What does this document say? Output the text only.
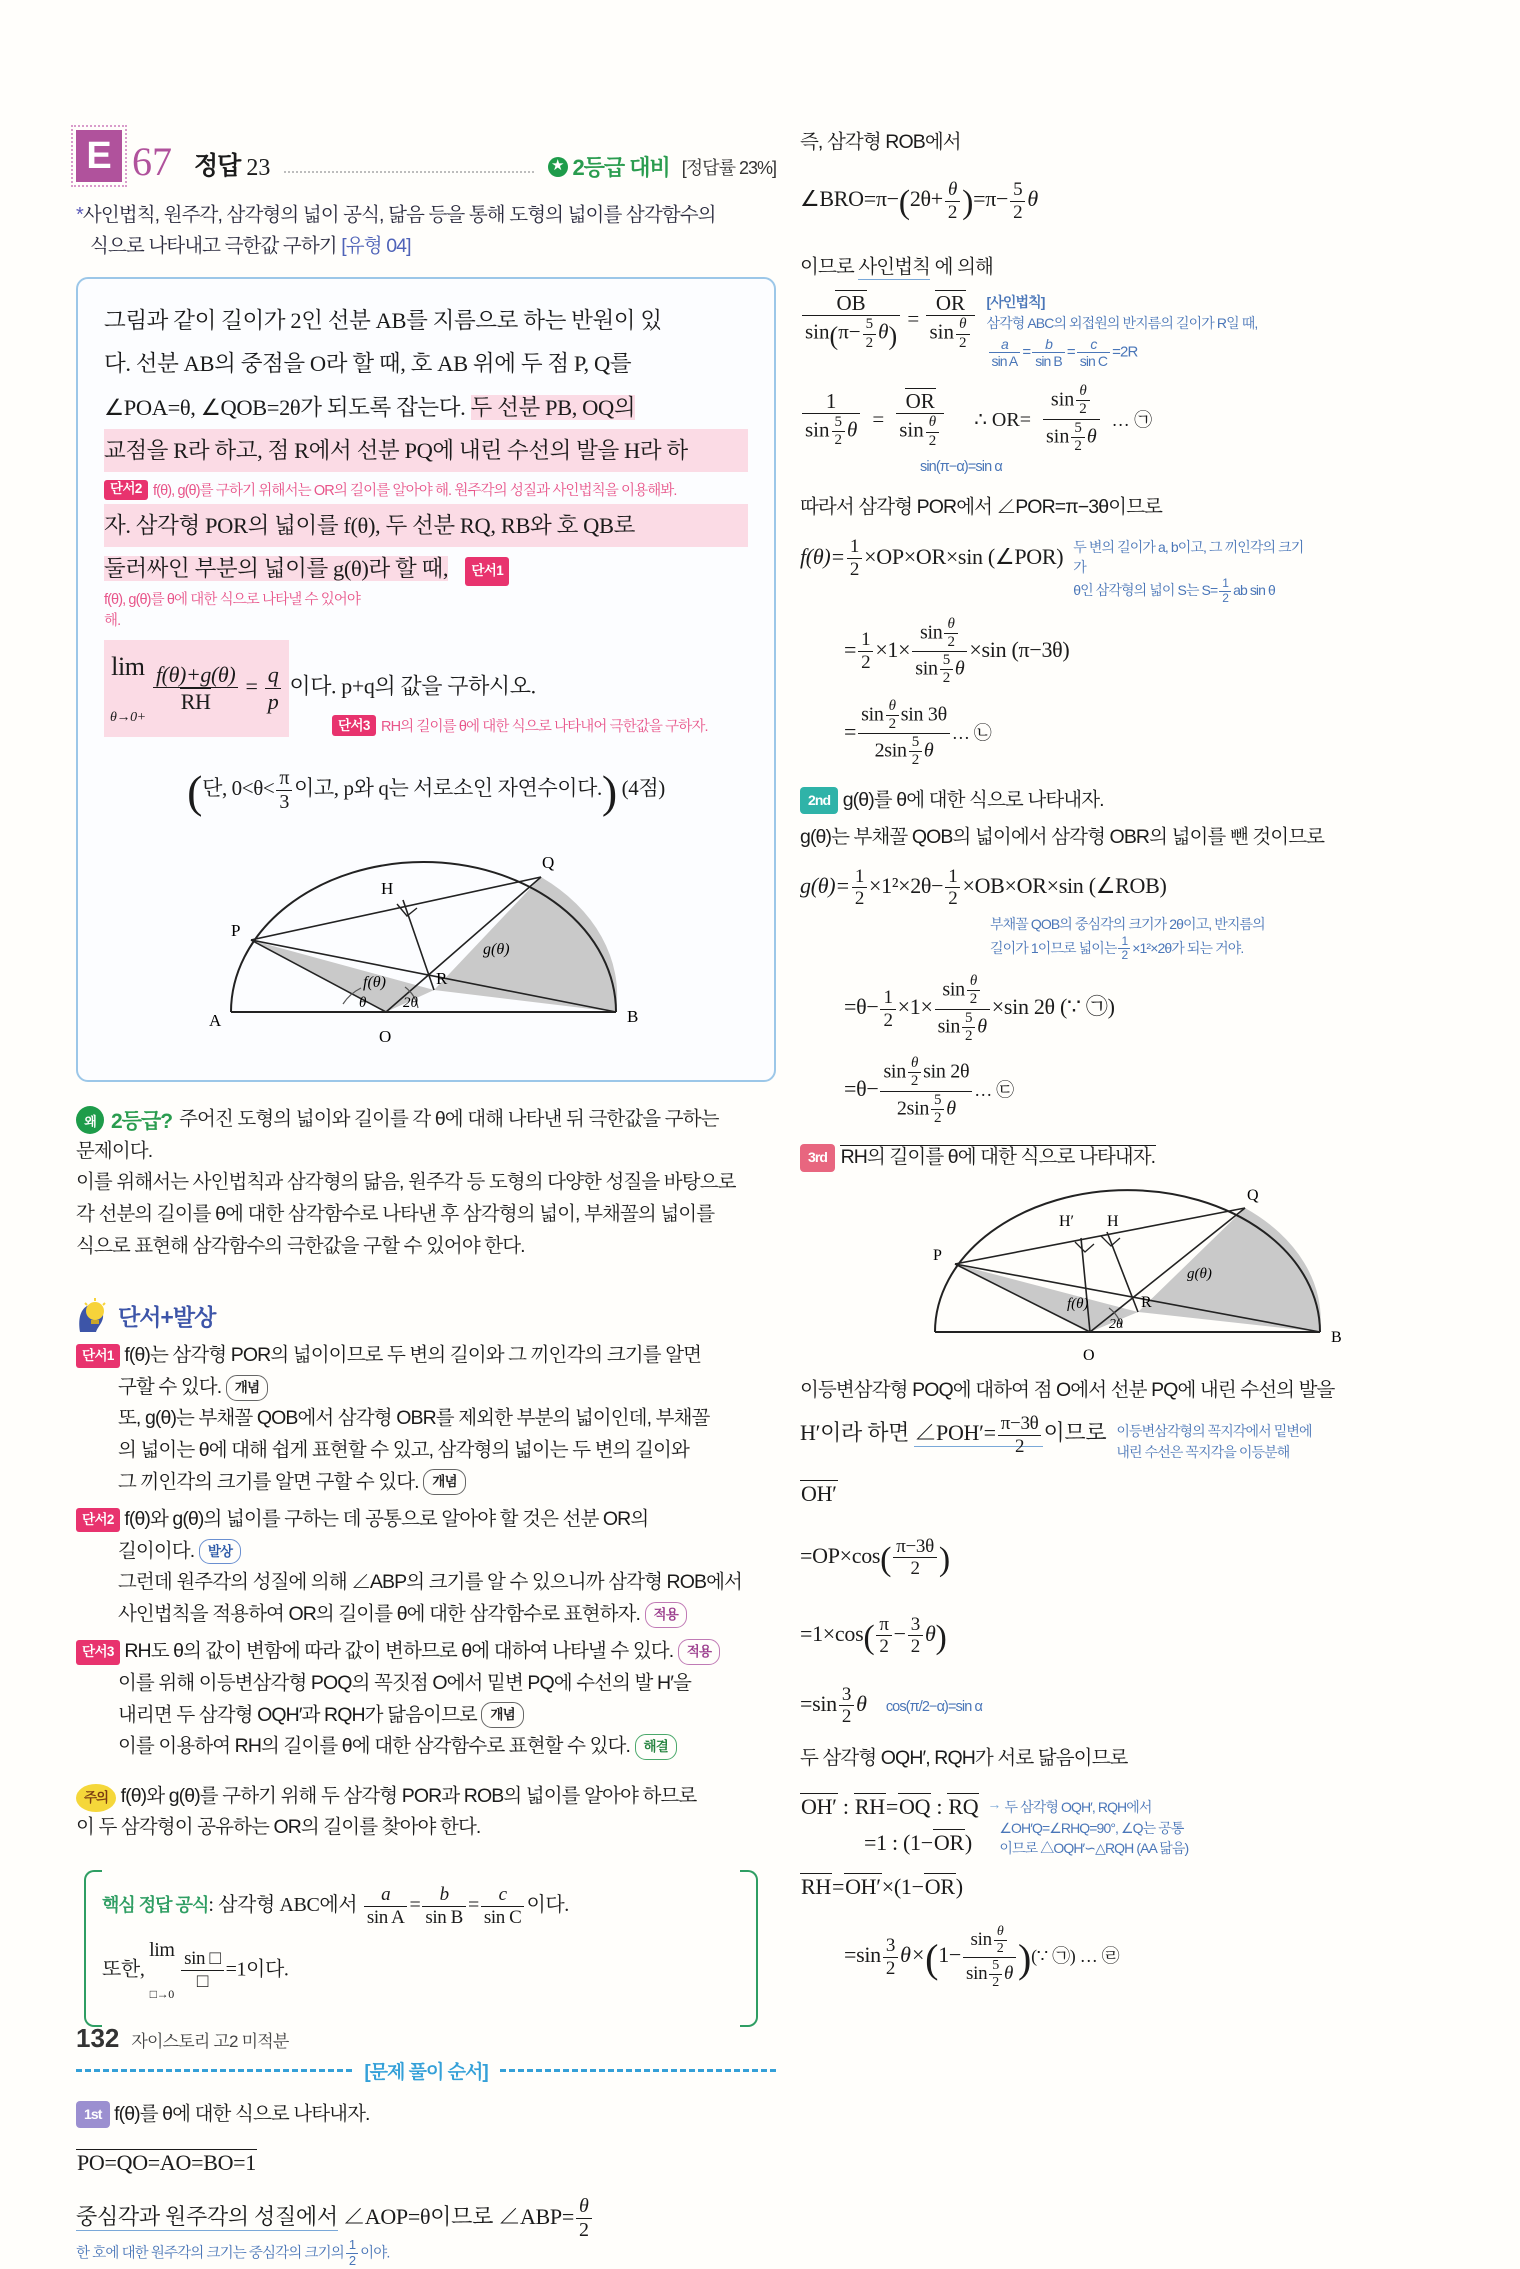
E 67 정답 23 ★	2등급 대비 [정답률 23%]
*사인법칙, 원주각, 삼각형의 넓이 공식, 닮음 등을 통해 도형의 넓이를 삼각함수의
식으로 나타내고 극한값 구하기 [유형 04]
그림과 같이 길이가 2인 선분 AB를 지름으로 하는 반원이 있
다. 선분 AB의 중점을 O라 할 때, 호 AB 위에 두 점 P, Q를
∠POA=θ, ∠QOB=2θ가 되도록 잡는다. 두 선분 PB, OQ의
교점을 R라 하고, 점 R에서 선분 PQ에 내린 수선의 발을 H라 하
단서2 f(θ), g(θ)를 구하기 위해서는 OR의 길이를 알아야 해. 원주각의 성질과 사인법칙을 이용해봐.
자. 삼각형 POR의 넓이를 f(θ), 두 선분 RQ, RB와 호 QB로
둘러싸인 부분의 넓이를 g(θ)라 할 때, 단서1 f(θ), g(θ)를 θ에 대한 식으로 나타낼 수 있어야 해.
lim
θ→0+
$\frac{f(\theta)+g(\theta)}{RH} = \frac{q}{p}$ 이다. p+q의 값을 구하시오.
단서3 RH의 길이를 θ에 대한 식으로 나타내어 극한값을 구하자.
(단, $0<\theta< \frac{\pi}{3}$ 이고, p와 q는 서로소인 자연수이다.) (4점)
A	B
O
P
Q
R
H
θ 2θ
f(θ)
g(θ)
왜 2등급? 주어진 도형의 넓이와 길이를 각 θ에 대해 나타낸 뒤 극한값을 구하는
문제이다.
이를 위해서는 사인법칙과 삼각형의 닮음, 원주각 등 도형의 다양한 성질을 바탕으로
각 선분의 길이를 θ에 대한 삼각함수로 나타낸 후 삼각형의 넓이, 부채꼴의 넓이를
식으로 표현해 삼각함수의 극한값을 구할 수 있어야 한다.
단서+발상
단서1 f(θ)는 삼각형 POR의 넓이이므로 두 변의 길이와 그 끼인각의 크기를 알면
구할 수 있다. 개념
또, g(θ)는 부채꼴 QOB에서 삼각형 OBR를 제외한 부분의 넓이인데, 부채꼴
의 넓이는 θ에 대해 쉽게 표현할 수 있고, 삼각형의 넓이는 두 변의 길이와
그 끼인각의 크기를 알면 구할 수 있다. 개념
단서2 f(θ)와 g(θ)의 넓이를 구하는 데 공통으로 알아야 할 것은 선분 OR의
길이이다. 발상
그런데 원주각의 성질에 의해 ∠ABP의 크기를 알 수 있으니까 삼각형 ROB에서
사인법칙을 적용하여 OR의 길이를 θ에 대한 삼각함수로 표현하자. 적용
단서3 RH도 θ의 값이 변함에 따라 값이 변하므로 θ에 대하여 나타낼 수 있다. 적용
이를 위해 이등변삼각형 POQ의 꼭짓점 O에서 밑변 PQ에 수선의 발 H′을
내리면 두 삼각형 OQH′과 RQH가 닮음이므로 개념
이를 이용하여 RH의 길이를 θ에 대한 삼각함수로 표현할 수 있다. 해결
주의 f(θ)와 g(θ)를 구하기 위해 두 삼각형 POR과 ROB의 넓이를 알아야 하므로
이 두 삼각형이 공유하는 OR의 길이를 찾아야 한다.
핵심 정답 공식: 삼각형 ABC에서 $\frac{a}{\text{sin A}} = \frac{b}{\text{sin B}} = \frac{c}{\text{sin C}}$ 이다.
또한, lim
□→0
$\frac{\sin □}{□} =1$이다.
[문제 풀이 순서]
1st f(θ)를 θ에 대한 식으로 나타내자.
PO=QO=AO=BO=1
중심각과 원주각의 성질에서 ∠AOP=θ이므로 ∠ABP= $\frac{\theta}{2}$
한 호에 대한 원주각의 크기는 중심각의 크기의 $\frac{1}{2}$ 이야.
즉, 삼각형 ROB에서
∠BRO=π−(2θ+ $\frac{\theta}{2} )=\pi- \frac{5}{2}$ θ
이므로 사인법칙 에 의해
$\frac{OB}{\sin(\pi- \frac{5}{2} \theta)} = \frac{OR}{\sin \frac{\theta}{2}}$ [사인법칙]
삼각형 ABC의 외접원의 반지름의 길이가 R일 때,
$\frac{a}{\text{sin A}} = \frac{b}{\text{sin B}} = \frac{c}{\text{sin C}} =2R$
$\frac{1}{\sin \frac{5}{2} \theta} = \frac{OR}{\sin \frac{\theta}{2}}$ ∴ $OR= \frac{\sin \frac{\theta}{2}}{\sin \frac{5}{2} \theta}$ … ㉠
sin(π−α)=sin α
따라서 삼각형 POR에서 ∠POR=π−3θ이므로
$f(\theta)= \frac{1}{2} \times OP\times OR\times\sin$ (∠POR) 두 변의 길이가 a, b이고, 그 끼인각의 크기가
θ인 삼각형의 넓이 S는 $S= \frac{1}{2}$ ab sin θ
= $\frac{1}{2} \times 1\times \frac{\sin \frac{\theta}{2}}{\sin \frac{5}{2} \theta} \times\sin$ (π−3θ)
= $\frac{\sin \frac{\theta}{2} \sin 3\theta}{2\sin \frac{5}{2} \theta}$ … ㉡
2nd g(θ)를 θ에 대한 식으로 나타내자.
g(θ)는 부채꼴 QOB의 넓이에서 삼각형 OBR의 넓이를 뺀 것이므로
$g(\theta)= \frac{1}{2} \times 1^2\times 2\theta- \frac{1}{2} \times OB\times OR\times\sin$ (∠ROB)
부채꼴 QOB의 중심각의 크기가 2θ이고, 반지름의
길이가 1이므로 넓이는 $\frac{1}{2} \times 1^2\times 2\theta$가 되는 거야.
$=\theta- \frac{1}{2} \times 1\times \frac{\sin \frac{\theta}{2}}{\sin \frac{5}{2} \theta} \times\sin$ 2θ (∵ ㉠)
$=\theta- \frac{\sin \frac{\theta}{2} \sin 2\theta}{2\sin \frac{5}{2} \theta}$ … ㉢
3rd RH의 길이를 θ에 대한 식으로 나타내자.
P
Q
B
O
R
H
H′
2θ
f(θ)
g(θ)
이등변삼각형 POQ에 대하여 점 O에서 선분 PQ에 내린 수선의 발을
H′이라 하면 ∠POH′= $\frac{\pi-3\theta}{2}$ 이므로 이등변삼각형의 꼭지각에서 밑변에
내린 수선은 꼭지각을 이등분해
OH′
$=OP\times\cos( \frac{\pi-3\theta}{2}$ )
$=1\times\cos( \frac{\pi}{2} - \frac{3}{2} \theta)$
$=\sin \frac{3}{2}$ θ cos(π/2−α)=sin α
두 삼각형 OQH′, RQH가 서로 닮음이므로
OH′ : RH=OQ : RQ
=1 : (1−OR)
→ 두 삼각형 OQH′, RQH에서
∠OH′Q=∠RHQ=90°, ∠Q는 공통
이므로 △OQH′∽△RQH (AA 닮음)
RH=OH′×(1−OR)
$=\sin \frac{3}{2} \theta\times(1- \frac{\sin \frac{\theta}{2}}{\sin \frac{5}{2} \theta}$ )(∵ ㉠) … ㉣
132 자이스토리 고2 미적분
